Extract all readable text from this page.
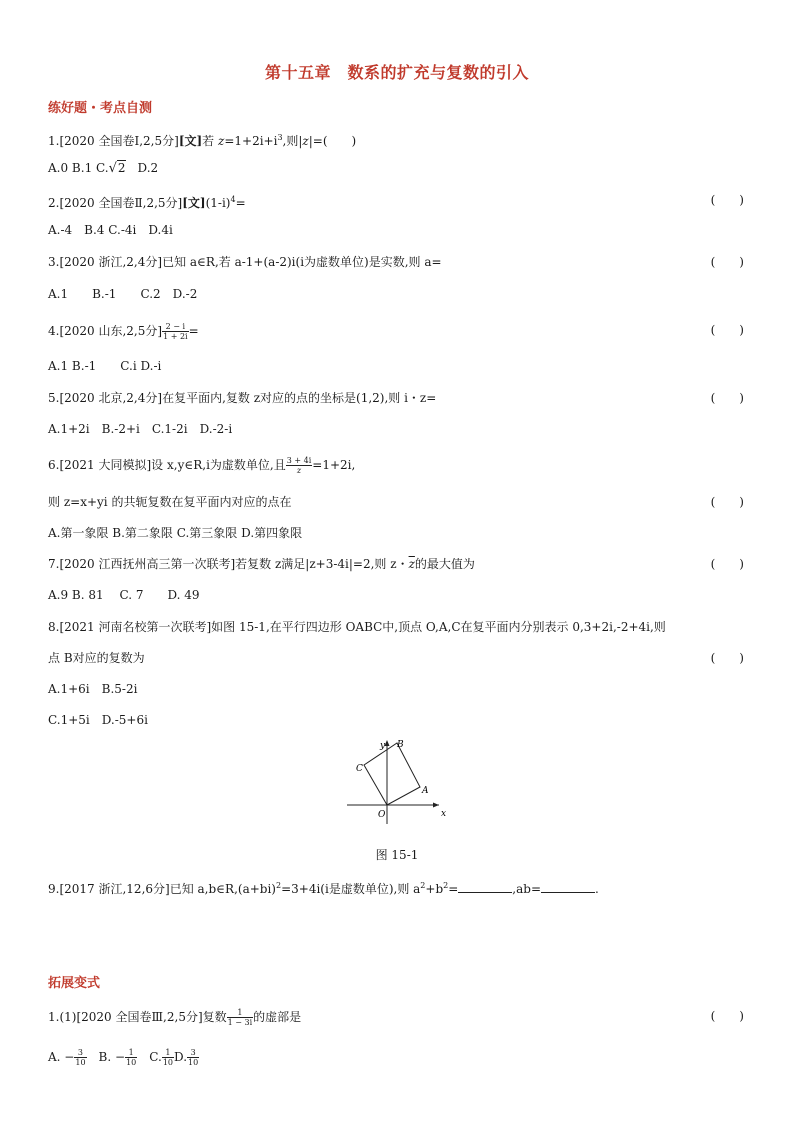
第十五章　数系的扩充与复数的引入
练好题・考点自测
1.[2020 全国卷Ⅰ,2,5分][文]若 $z=1+2i+i^3$,则|z|=(　　)
A.0 B.1 C.√2　D.2
2.[2020 全国卷Ⅱ,2,5分][文]$(1-i)^4=$	(　　)
A.-4　B.4 C.-4i　D.4i
3.[2020 浙江,2,4分]已知 a∈R,若 a-1+(a-2)i(i为虚数单位)是实数,则 a=	(　　)
A.1　　B.-1　　C.2　D.-2
4.[2020 山东,2,5分] $\frac{2 - i}{1 + 2i}$ =	(　　)
A.1 B.-1　　C.i D.-i
5.[2020 北京,2,4分]在复平面内,复数 z对应的点的坐标是(1,2),则 i・z=	(　　)
A.1+2i　B.-2+i　C.1-2i　D.-2-i
6.[2021 大同模拟]设 x,y∈R,i为虚数单位,且 $\frac{3 + 4i}{z} =1+2i$,
则 z=x+yi 的共轭复数在复平面内对应的点在	(　　)
A.第一象限 B.第二象限 C.第三象限 D.第四象限
7.[2020 江西抚州高三第一次联考]若复数 z满足|z+3-4i|=2,则 z・$\overline{z}$的最大值为	(　　)
A.9 B. 81　 C. 7　　D. 49
8.[2021 河南名校第一次联考]如图 15-1,在平行四边形 OABC中,顶点 O,A,C在复平面内分别表示 0,3+2i,-2+4i,则
点 B对应的复数为	(　　)
A.1+6i　B.5-2i
C.1+5i　D.-5+6i
x
y
O
A
B
C
图 15-1
9.[2017 浙江,12,6分]已知 $a,b\in R,(a+bi)^2=3+4i(i$是虚数单位),则 $a^2+b^2=$	,ab=	.
拓展变式
1.(1)[2020 全国卷Ⅲ,2,5分]复数 $\frac{1}{1 - 3i}$ 的虚部是	(　　)
A. − $\frac{3}{10}$ 　B. − $\frac{1}{10}$ 　C. $\frac{1}{10} D$. $\frac{3}{10}$
